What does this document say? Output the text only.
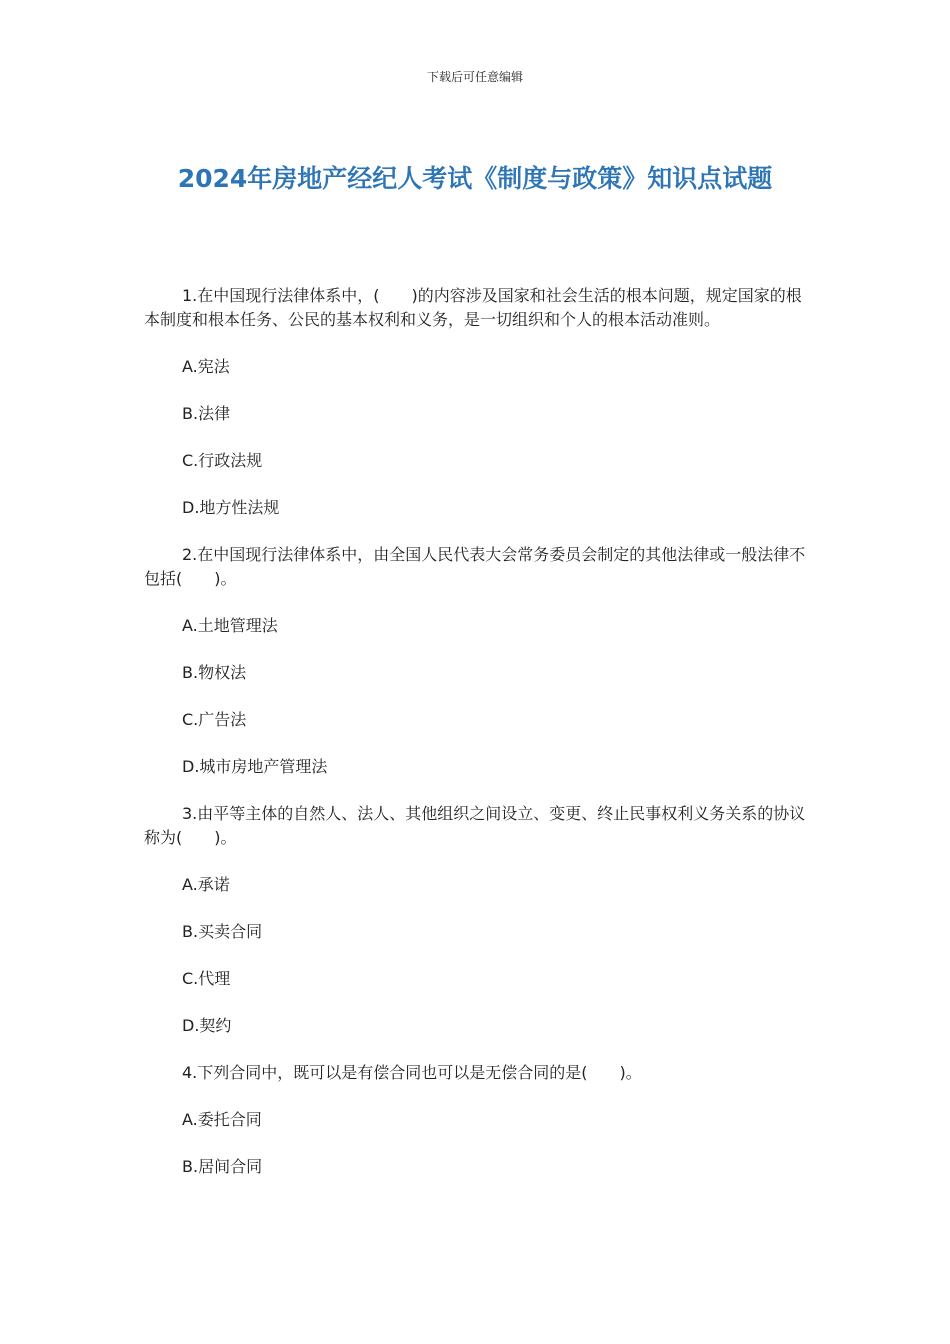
下载后可任意编辑
2024年房地产经纪人考试《制度与政策》知识点试题

1.在中国现行法律体系中，(　　)的内容涉及国家和社会生活的根本问题，规定国家的根本制度和根本任务、公民的基本权利和义务，是一切组织和个人的根本活动准则。

A.宪法

B.法律

C.行政法规

D.地方性法规

2.在中国现行法律体系中，由全国人民代表大会常务委员会制定的其他法律或一般法律不包括(　　)。

A.土地管理法

B.物权法

C.广告法

D.城市房地产管理法

3.由平等主体的自然人、法人、其他组织之间设立、变更、终止民事权利义务关系的协议称为(　　)。

A.承诺

B.买卖合同

C.代理

D.契约

4.下列合同中，既可以是有偿合同也可以是无偿合同的是(　　)。

A.委托合同

B.居间合同
